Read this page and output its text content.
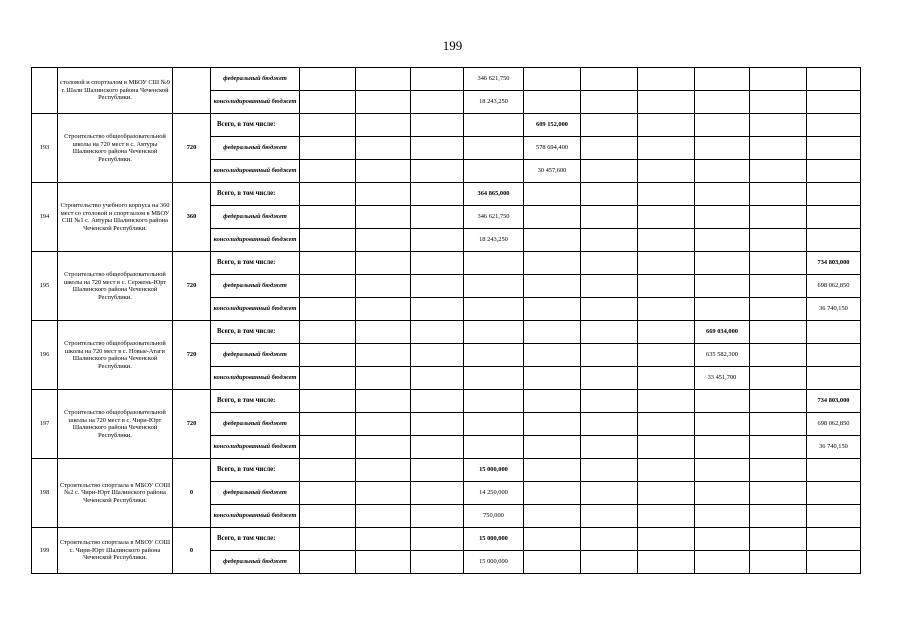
199
	столовой и спортзалом в МБОУ СШ №9 г. Шали Шалинского района Чеченской Республики.		федеральный бюджет				346 621,750							
			консолидированный бюджет				18 243,250							
193	Строительство общеобразовательной школы на 720 мест в с. Автуры Шалинского района Чеченской Республики.	720	Всего, в том числе:					609 152,000						
			федеральный бюджет					578 694,400						
			консолидированный бюджет					30 457,600						
194	Строительство учебного корпуса на 360 мест со столовой и спортзалом в МБОУ СШ №1 с. Автуры Шалинского района Чеченской Республики.	360	Всего, в том числе:				364 865,000							
			федеральный бюджет				346 621,750							
			консолидированный бюджет				18 243,250							
195	Строительство общеобразовательной школы на 720 мест в с. Сержень-Юрт Шалинского района Чеченской Республики.	720	Всего, в том числе:										734 803,000	
			федеральный бюджет										698 062,850	
			консолидированный бюджет										36 740,150	
196	Строительство общеобразовательной школы на 720 мест в с. Новые-Атаги Шалинского района Чеченской Республики.	720	Всего, в том числе:								669 034,000			
			федеральный бюджет								635 582,300			
			консолидированный бюджет								33 451,700			
197	Строительство общеобразовательной школы на 720 мест в с. Чири-Юрт Шалинского района Чеченской Республики.	720	Всего, в том числе:										734 803,000	
			федеральный бюджет										698 062,850	
			консолидированный бюджет										36 740,150	
198	Строительство спортзала в МБОУ СОШ №2 с. Чири-Юрт Шалинского района Чеченской Республики.	0	Всего, в том числе:				15 000,000							
			федеральный бюджет				14 250,000							
			консолидированный бюджет				750,000							
199	Строительство спортзала в МБОУ СОШ с. Чири-Юрт Шалинского района Чеченской Республики.	0	Всего, в том числе:				15 000,000							
			федеральный бюджет				15 000,000							
